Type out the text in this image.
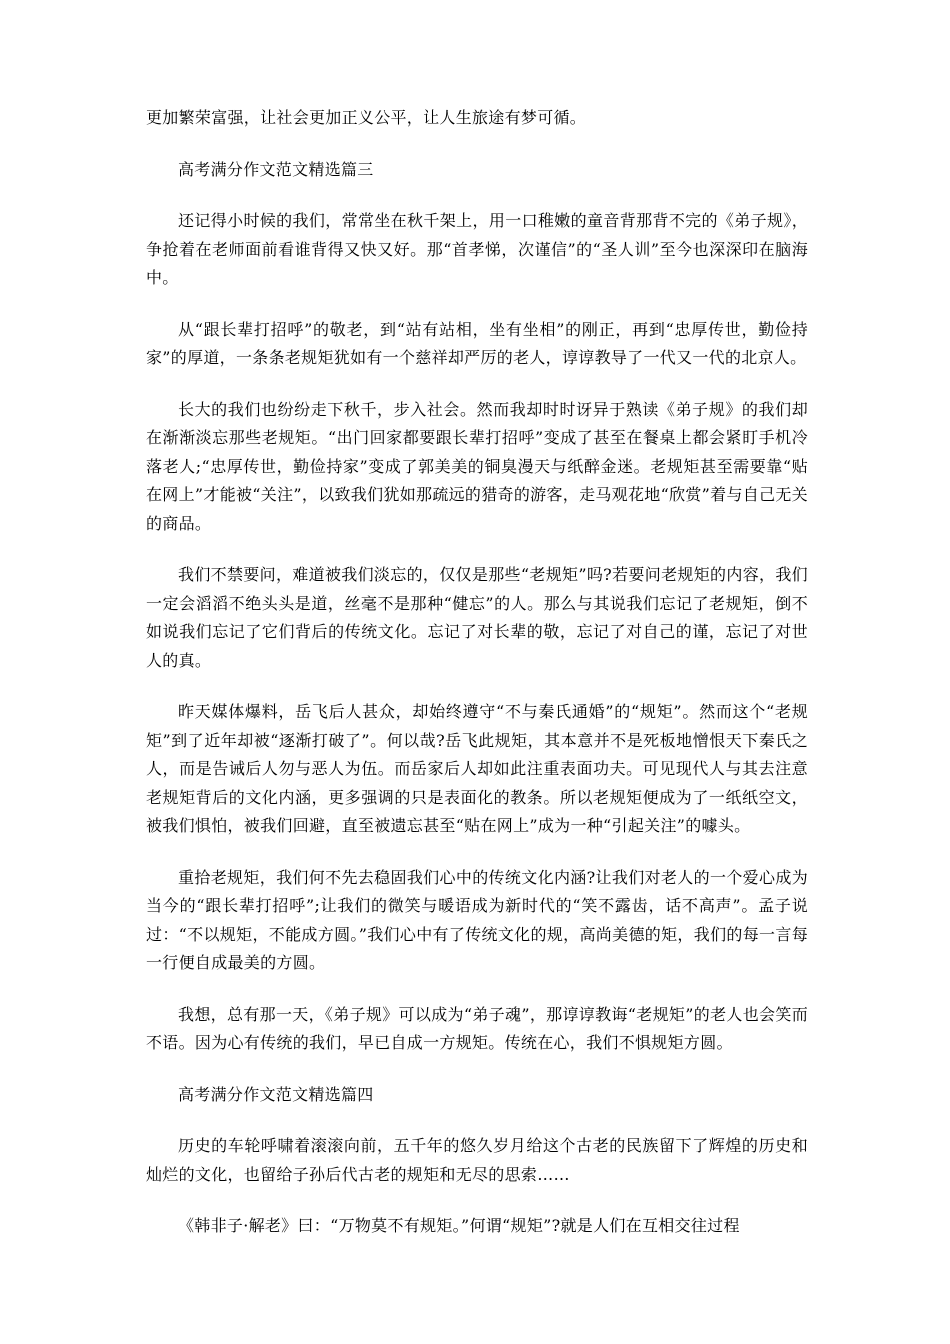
更加繁荣富强，让社会更加正义公平，让人生旅途有梦可循。

高考满分作文范文精选篇三

还记得小时候的我们，常常坐在秋千架上，用一口稚嫩的童音背那背不完的《弟子规》，争抢着在老师面前看谁背得又快又好。那“首孝悌，次谨信”的“圣人训”至今也深深印在脑海中。

从“跟长辈打招呼”的敬老，到“站有站相，坐有坐相”的刚正，再到“忠厚传世，勤俭持家”的厚道，一条条老规矩犹如有一个慈祥却严厉的老人，谆谆教导了一代又一代的北京人。

长大的我们也纷纷走下秋千，步入社会。然而我却时时讶异于熟读《弟子规》的我们却在渐渐淡忘那些老规矩。“出门回家都要跟长辈打招呼”变成了甚至在餐桌上都会紧盯手机冷落老人;“忠厚传世，勤俭持家”变成了郭美美的铜臭漫天与纸醉金迷。老规矩甚至需要靠“贴在网上”才能被“关注”，以致我们犹如那疏远的猎奇的游客，走马观花地“欣赏”着与自己无关的商品。

我们不禁要问，难道被我们淡忘的，仅仅是那些“老规矩”吗?若要问老规矩的内容，我们一定会滔滔不绝头头是道，丝毫不是那种“健忘”的人。那么与其说我们忘记了老规矩，倒不如说我们忘记了它们背后的传统文化。忘记了对长辈的敬，忘记了对自己的谨，忘记了对世人的真。

昨天媒体爆料，岳飞后人甚众，却始终遵守“不与秦氏通婚”的“规矩”。然而这个“老规矩”到了近年却被“逐渐打破了”。何以哉?岳飞此规矩，其本意并不是死板地憎恨天下秦氏之人，而是告诫后人勿与恶人为伍。而岳家后人却如此注重表面功夫。可见现代人与其去注意老规矩背后的文化内涵，更多强调的只是表面化的教条。所以老规矩便成为了一纸纸空文，被我们惧怕，被我们回避，直至被遗忘甚至“贴在网上”成为一种“引起关注”的噱头。

重拾老规矩，我们何不先去稳固我们心中的传统文化内涵?让我们对老人的一个爱心成为当今的“跟长辈打招呼”;让我们的微笑与暖语成为新时代的“笑不露齿，话不高声”。孟子说过：“不以规矩，不能成方圆。”我们心中有了传统文化的规，高尚美德的矩，我们的每一言每一行便自成最美的方圆。

我想，总有那一天，《弟子规》可以成为“弟子魂”，那谆谆教诲“老规矩”的老人也会笑而不语。因为心有传统的我们，早已自成一方规矩。传统在心，我们不惧规矩方圆。

高考满分作文范文精选篇四

历史的车轮呼啸着滚滚向前，五千年的悠久岁月给这个古老的民族留下了辉煌的历史和灿烂的文化，也留给子孙后代古老的规矩和无尽的思索……

《韩非子·解老》曰：“万物莫不有规矩。”何谓“规矩”?就是人们在互相交往过程
